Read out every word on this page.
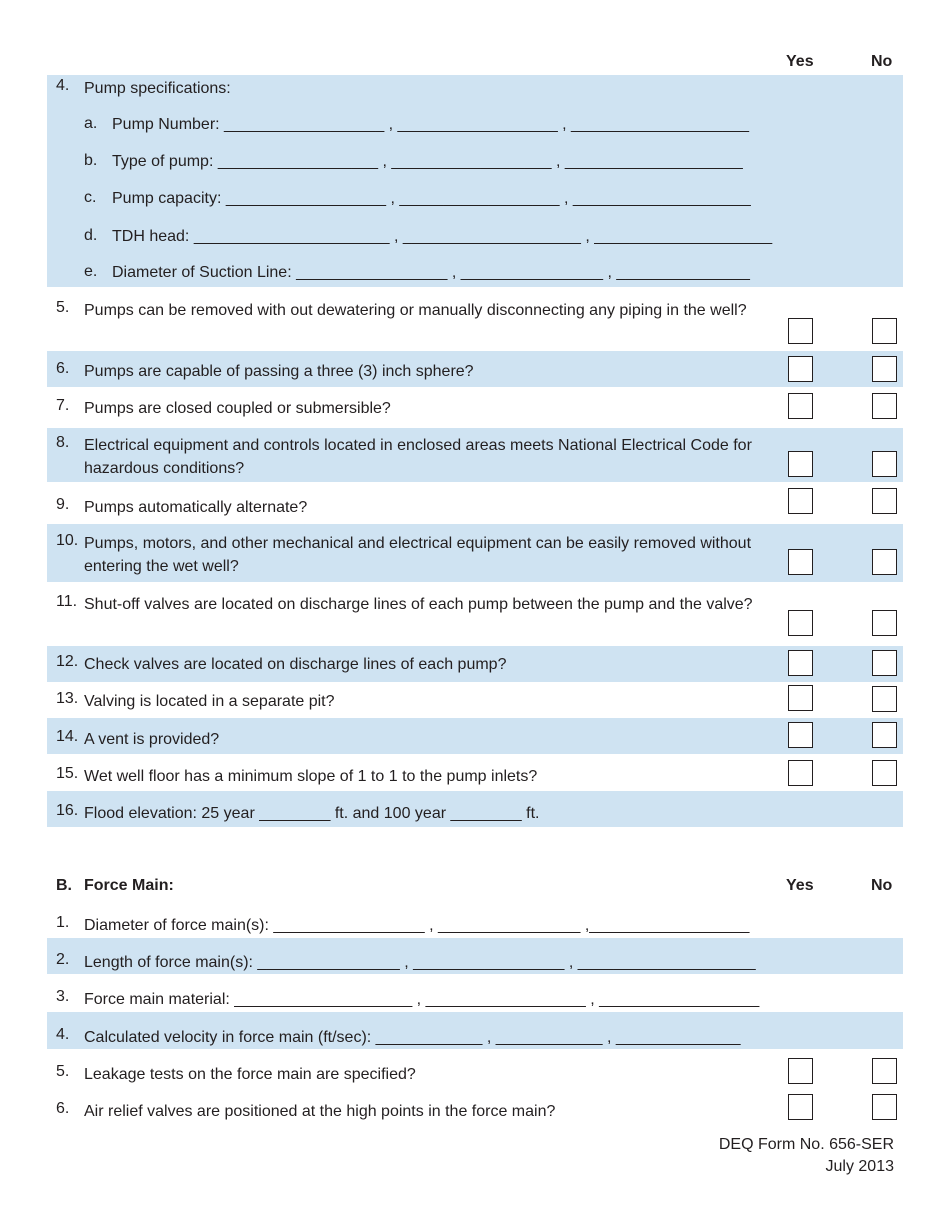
Yes	No
4. Pump specifications:
a. Pump Number: __________________ , __________________ , ____________________
b. Type of pump: __________________ , __________________ , ____________________
c. Pump capacity: __________________ , __________________ , ____________________
d. TDH head: ______________________ , ____________________ , ____________________
e. Diameter of Suction Line: _________________ , ________________ , _______________
5. Pumps can be removed with out dewatering or manually disconnecting any piping in the well?
6. Pumps are capable of passing a three (3) inch sphere?
7. Pumps are closed coupled or submersible?
8. Electrical equipment and controls located in enclosed areas meets National Electrical Code for hazardous conditions?
9. Pumps automatically alternate?
10. Pumps, motors, and other mechanical and electrical equipment can be easily removed without entering the wet well?
11. Shut-off valves are located on discharge lines of each pump between the pump and the valve?
12. Check valves are located on discharge lines of each pump?
13. Valving is located in a separate pit?
14. A vent is provided?
15. Wet well floor has a minimum slope of 1 to 1 to the pump inlets?
16. Flood elevation: 25 year ________ ft. and 100 year ________ ft.
B. Force Main:	Yes	No
1. Diameter of force main(s): _________________ , ________________ ,__________________
2. Length of force main(s): ________________ , _________________ , ____________________
3. Force main material: ____________________ , __________________ , __________________
4. Calculated velocity in force main (ft/sec): ____________ , ____________ , ______________
5. Leakage tests on the force main are specified?
6. Air relief valves are positioned at the high points in the force main?
DEQ Form No. 656-SER
July 2013
